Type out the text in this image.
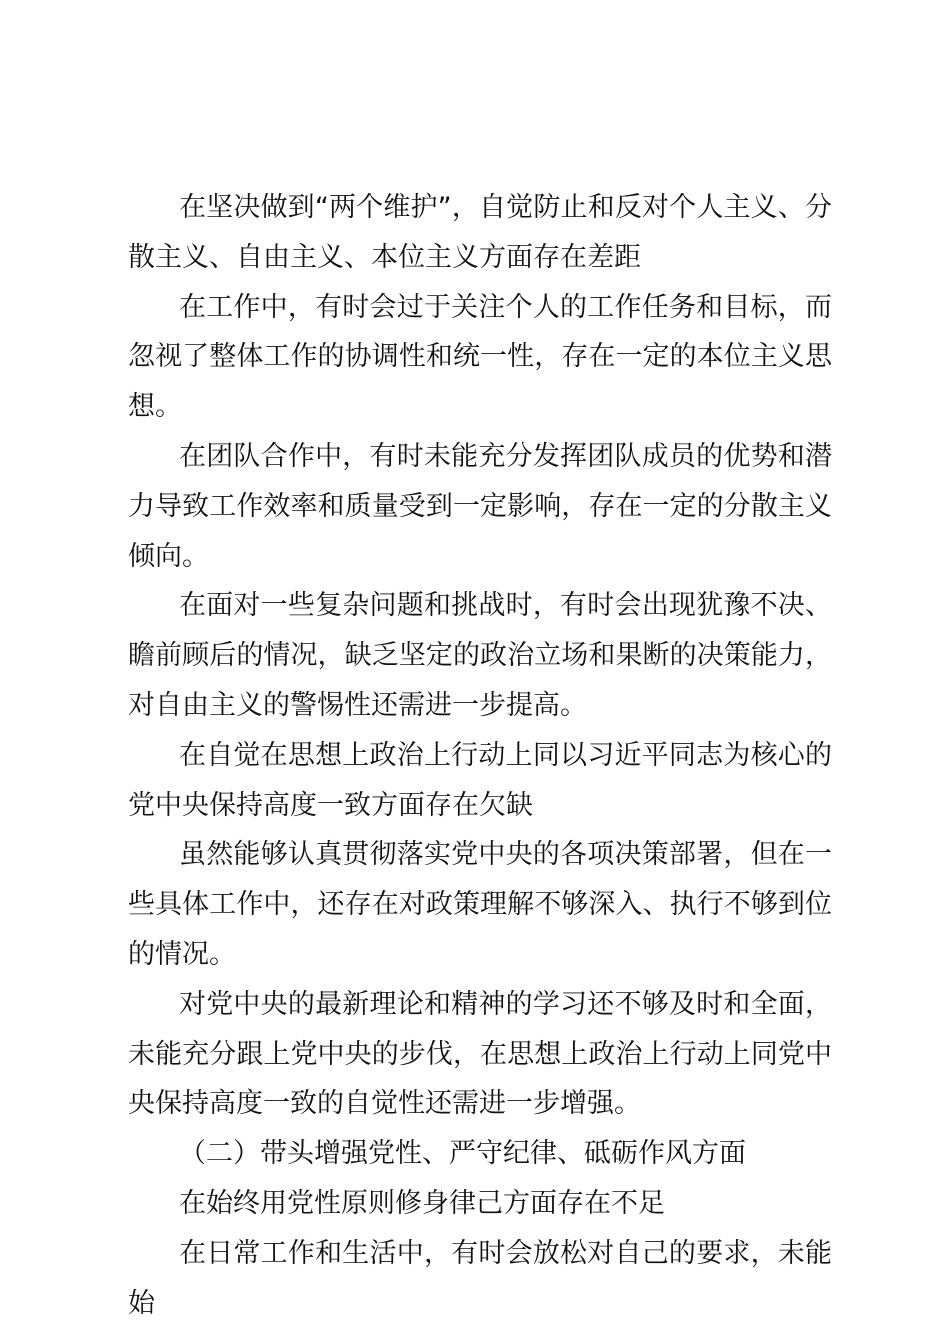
在坚决做到“两个维护”，自觉防止和反对个人主义、分散主义、自由主义、本位主义方面存在差距

在工作中，有时会过于关注个人的工作任务和目标，而忽视了整体工作的协调性和统一性，存在一定的本位主义思想。

在团队合作中，有时未能充分发挥团队成员的优势和潜力导致工作效率和质量受到一定影响，存在一定的分散主义倾向。

在面对一些复杂问题和挑战时，有时会出现犹豫不决、瞻前顾后的情况，缺乏坚定的政治立场和果断的决策能力，对自由主义的警惕性还需进一步提高。

在自觉在思想上政治上行动上同以习近平同志为核心的党中央保持高度一致方面存在欠缺

虽然能够认真贯彻落实党中央的各项决策部署，但在一些具体工作中，还存在对政策理解不够深入、执行不够到位的情况。

对党中央的最新理论和精神的学习还不够及时和全面，未能充分跟上党中央的步伐，在思想上政治上行动上同党中央保持高度一致的自觉性还需进一步增强。

（二）带头增强党性、严守纪律、砥砺作风方面

在始终用党性原则修身律己方面存在不足

在日常工作和生活中，有时会放松对自己的要求，未能始
